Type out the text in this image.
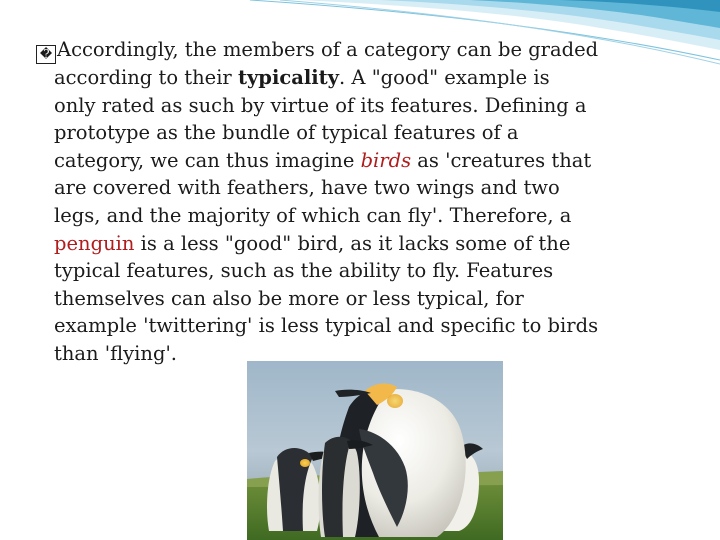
� Accordingly, the members of a category can be graded
according to their typicality. A "good" example is
only rated as such by virtue of its features. Defining a
prototype as the bundle of typical features of a
category, we can thus imagine birds as 'creatures that
are covered with feathers, have two wings and two
legs, and the majority of which can fly'. Therefore, a
penguin is a less "good" bird, as it lacks some of the
typical features, such as the ability to fly. Features
themselves can also be more or less typical, for
example 'twittering' is less typical and specific to birds
than 'flying'.
